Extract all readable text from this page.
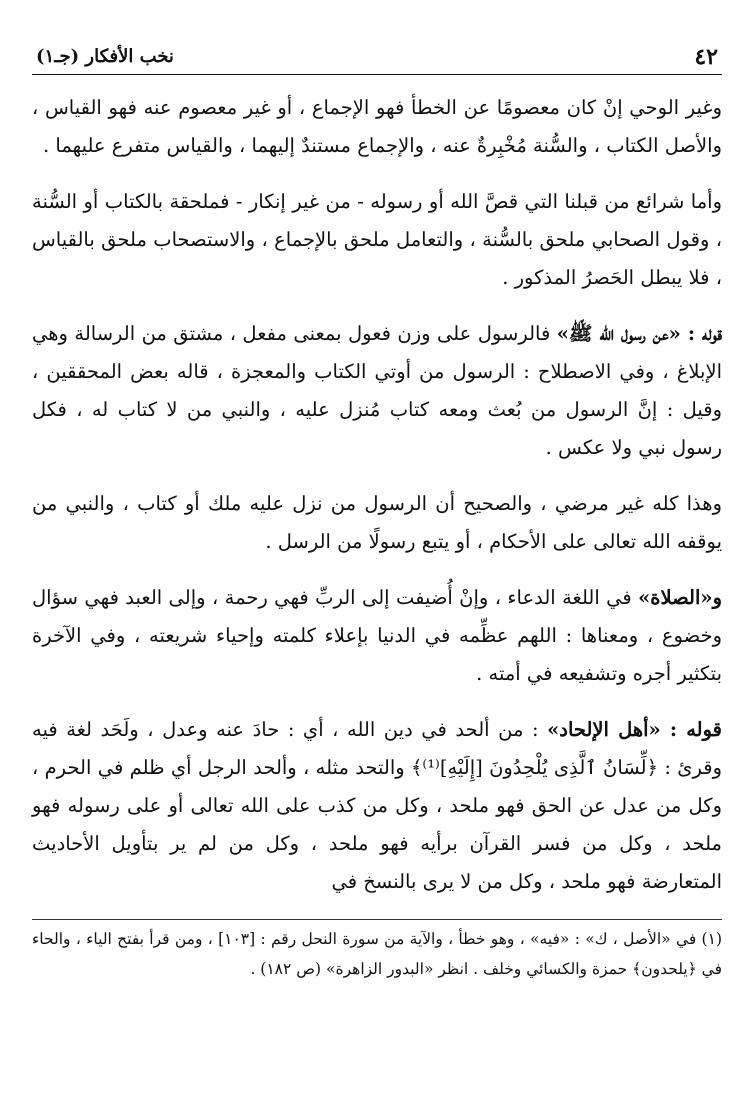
٤٢
نخب الأفكار (جـ١)

وغير الوحي إنْ كان معصومًا عن الخطأ فهو الإجماع ، أو غير معصوم عنه فهو القياس ، والأصل الكتاب ، والسُّنة مُخْبِرةٌ عنه ، والإجماع مستندٌ إليهما ، والقياس متفرع عليهما .

وأما شرائع من قبلنا التي قصَّ الله أو رسوله - من غير إنكار - فملحقة بالكتاب أو السُّنة ، وقول الصحابي ملحق بالسُّنة ، والتعامل ملحق بالإجماع ، والاستصحاب ملحق بالقياس ، فلا يبطل الحَصرُ المذكور .

قوله : «عن رسول الله ﷺ» فالرسول على وزن فعول بمعنى مفعل ، مشتق من الرسالة وهي الإبلاغ ، وفي الاصطلاح : الرسول من أوتي الكتاب والمعجزة ، قاله بعض المحققين ، وقيل : إنَّ الرسول من بُعث ومعه كتاب مُنزل عليه ، والنبي من لا كتاب له ، فكل رسول نبي ولا عكس .

وهذا كله غير مرضي ، والصحيح أن الرسول من نزل عليه ملك أو كتاب ، والنبي من يوقفه الله تعالى على الأحكام ، أو يتبع رسولًا من الرسل .

و«الصلاة» في اللغة الدعاء ، وإنْ أُضيفت إلى الربِّ فهي رحمة ، وإلى العبد فهي سؤال وخضوع ، ومعناها : اللهم عظِّمه في الدنيا بإعلاء كلمته وإحياء شريعته ، وفي الآخرة بتكثير أجره وتشفيعه في أمته .

قوله : «أهل الإلحاد» : من ألحد في دين الله ، أي : حادَ عنه وعدل ، ولَحَد لغة فيه وقرئ : ﴿لِّسَانُ ٱلَّذِى يُلْحِدُونَ [إِلَيْهِ]⁽¹⁾﴾ والتحد مثله ، وألحد الرجل أي ظلم في الحرم ، وكل من عدل عن الحق فهو ملحد ، وكل من كذب على الله تعالى أو على رسوله فهو ملحد ، وكل من فسر القرآن برأيه فهو ملحد ، وكل من لم ير بتأويل الأحاديث المتعارضة فهو ملحد ، وكل من لا يرى بالنسخ في

(١) في «الأصل ، ك» : «فيه» ، وهو خطأ ، والآية من سورة النحل رقم : [١٠٣] ، ومن قرأ بفتح الياء ، والحاء في ﴿يلحدون﴾ حمزة والكسائي وخلف . انظر «البدور الزاهرة» (ص ١٨٢) .
